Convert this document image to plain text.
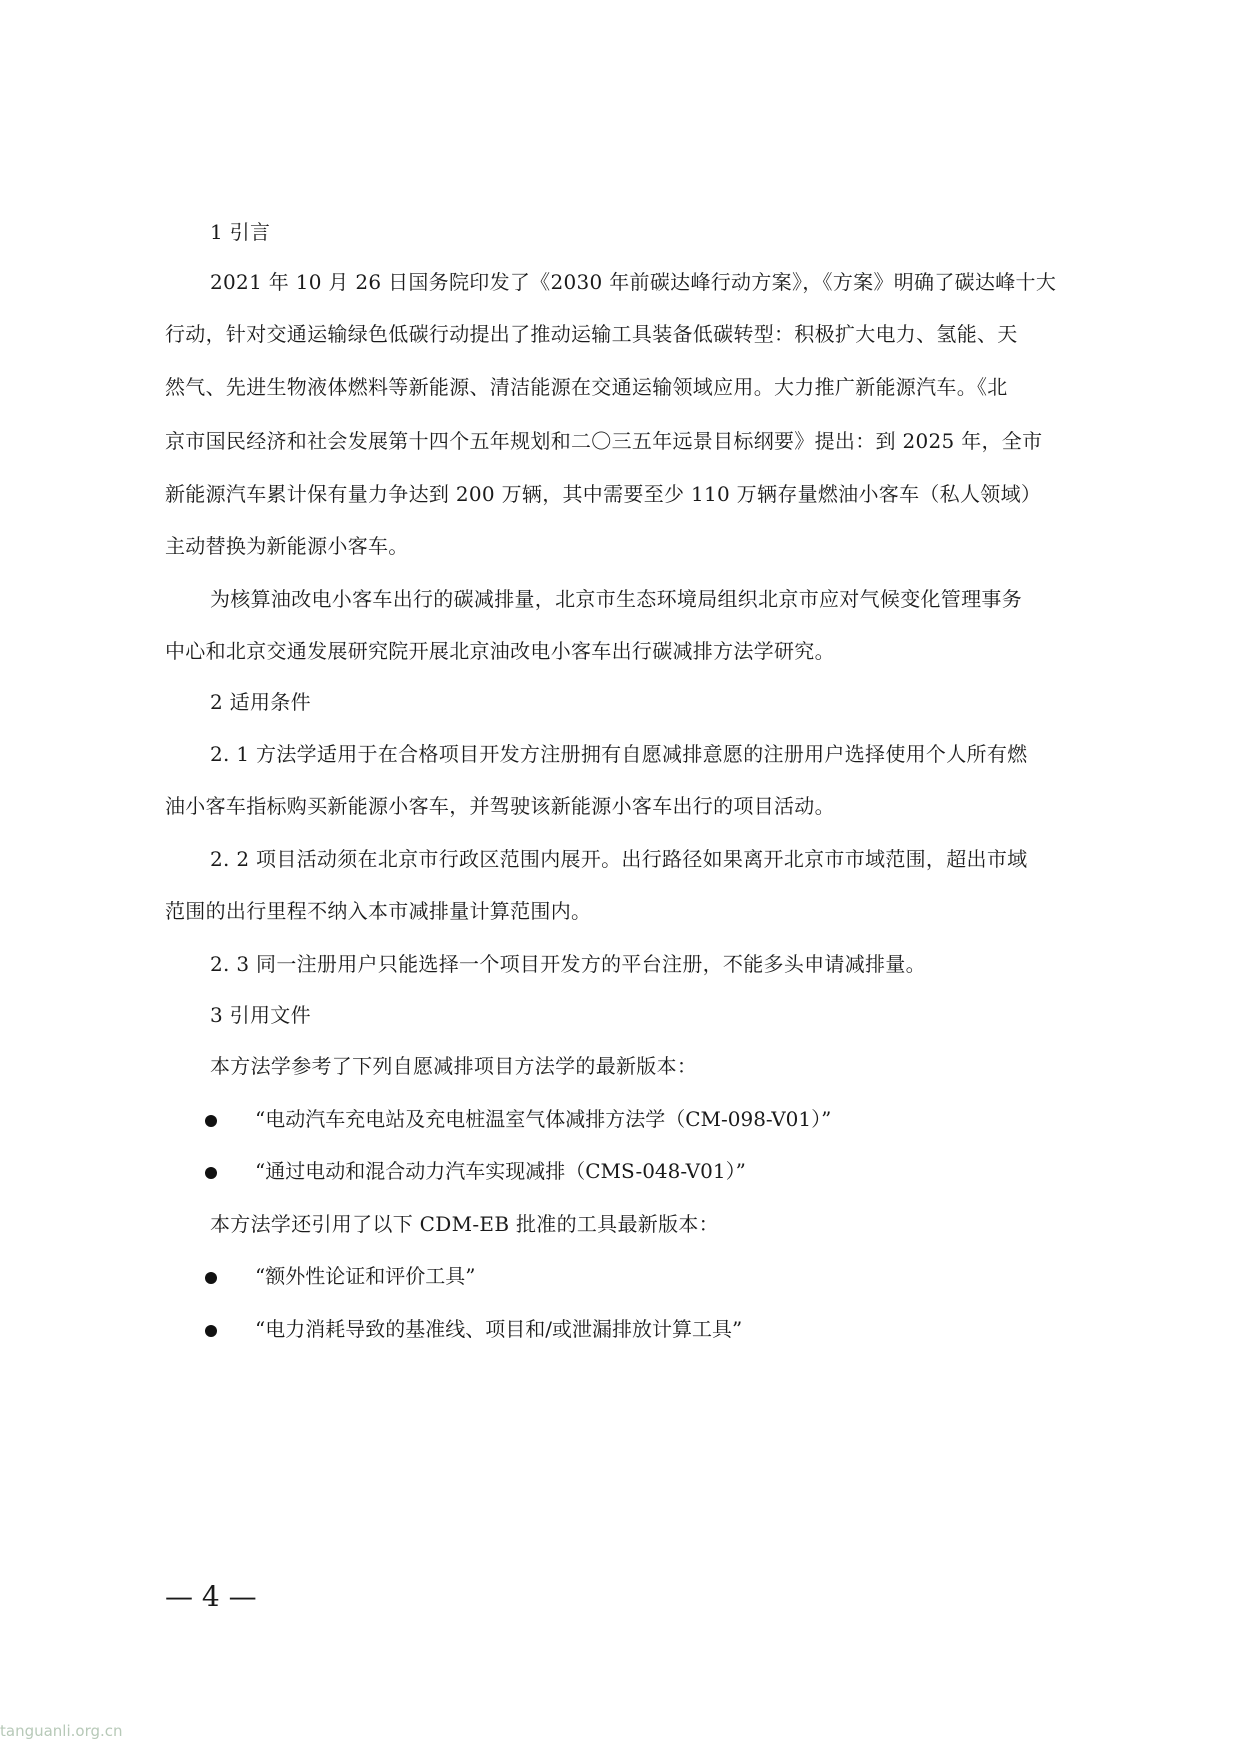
1 引言
2021 年 10 月 26 日国务院印发了《2030 年前碳达峰行动方案》，《方案》明确了碳达峰十大
行动，针对交通运输绿色低碳行动提出了推动运输工具装备低碳转型：积极扩大电力、氢能、天
然气、先进生物液体燃料等新能源、清洁能源在交通运输领域应用。大力推广新能源汽车。《北
京市国民经济和社会发展第十四个五年规划和二〇三五年远景目标纲要》提出：到 2025 年，全市
新能源汽车累计保有量力争达到 200 万辆，其中需要至少 110 万辆存量燃油小客车（私人领域）
主动替换为新能源小客车。
为核算油改电小客车出行的碳减排量，北京市生态环境局组织北京市应对气候变化管理事务
中心和北京交通发展研究院开展北京油改电小客车出行碳减排方法学研究。
2 适用条件
2. 1 方法学适用于在合格项目开发方注册拥有自愿减排意愿的注册用户选择使用个人所有燃
油小客车指标购买新能源小客车，并驾驶该新能源小客车出行的项目活动。
2. 2 项目活动须在北京市行政区范围内展开。出行路径如果离开北京市市域范围，超出市域
范围的出行里程不纳入本市减排量计算范围内。
2. 3 同一注册用户只能选择一个项目开发方的平台注册，不能多头申请减排量。
3 引用文件
本方法学参考了下列自愿减排项目方法学的最新版本：
“电动汽车充电站及充电桩温室气体减排方法学（CM-098-V01）”
“通过电动和混合动力汽车实现减排（CMS-048-V01）”
本方法学还引用了以下 CDM-EB 批准的工具最新版本：
“额外性论证和评价工具”
“电力消耗导致的基准线、项目和/或泄漏排放计算工具”
— 4 —
tanguanli.org.cn
